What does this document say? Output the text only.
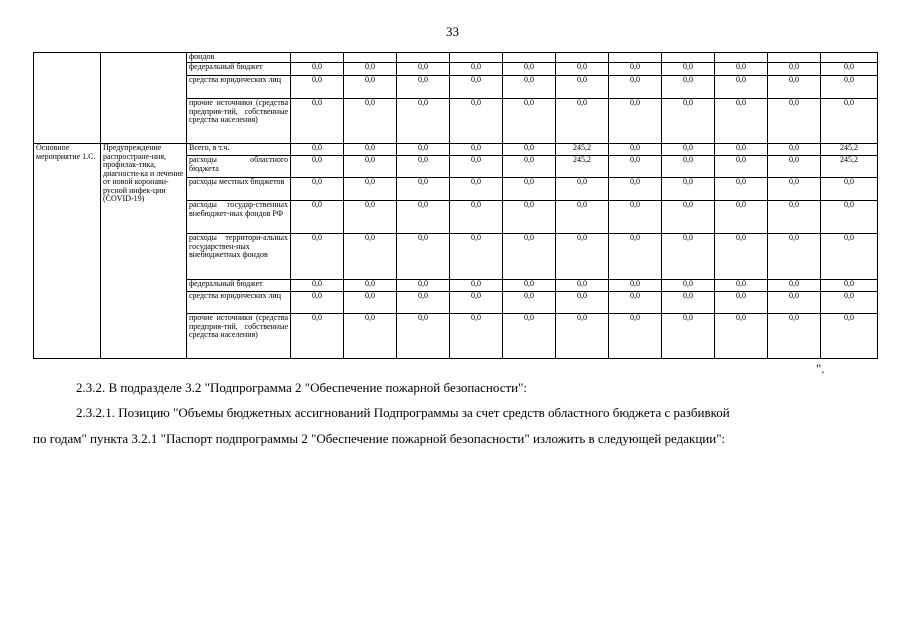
33
		фондов											
		федеральный бюджет	0,0	0,0	0,0	0,0	0,0	0,0	0,0	0,0	0,0	0,0	0,0
		средства юридических лиц	0,0	0,0	0,0	0,0	0,0	0,0	0,0	0,0	0,0	0,0	0,0
		прочие источники (средства предприя-тий, собственные средства населения)	0,0	0,0	0,0	0,0	0,0	0,0	0,0	0,0	0,0	0,0	0,0
Основное мероприятие 1.С.	Предупреждение распростране-ния, профилак-тика, диагности-ка и лечение от новой коронави-русной инфек-ции (COVID-19)	Всего, в т.ч.	0,0	0,0	0,0	0,0	0,0	245,2	0,0	0,0	0,0	0,0	245,2
		расходы областного бюджета	0,0	0,0	0,0	0,0	0,0	245,2	0,0	0,0	0,0	0,0	245,2
		расходы местных бюджетов	0,0	0,0	0,0	0,0	0,0	0,0	0,0	0,0	0,0	0,0	0,0
		расходы государ-ственных внебюджет-ных фондов РФ	0,0	0,0	0,0	0,0	0,0	0,0	0,0	0,0	0,0	0,0	0,0
		расходы территори-альных государствен-ных внебюджетных фондов	0,0	0,0	0,0	0,0	0,0	0,0	0,0	0,0	0,0	0,0	0,0
		федеральный бюджет	0,0	0,0	0,0	0,0	0,0	0,0	0,0	0,0	0,0	0,0	0,0
		средства юридических лиц	0,0	0,0	0,0	0,0	0,0	0,0	0,0	0,0	0,0	0,0	0,0
		прочие источники (средства предприя-тий, собственные средства населения)	0,0	0,0	0,0	0,0	0,0	0,0	0,0	0,0	0,0	0,0	0,0
".
2.3.2. В подразделе 3.2 "Подпрограмма 2 "Обеспечение пожарной безопасности":
2.3.2.1. Позицию "Объемы бюджетных ассигнований Подпрограммы за счет средств областного бюджета с разбивкой
по годам" пункта 3.2.1 "Паспорт подпрограммы 2 "Обеспечение пожарной безопасности" изложить в следующей редакции":
